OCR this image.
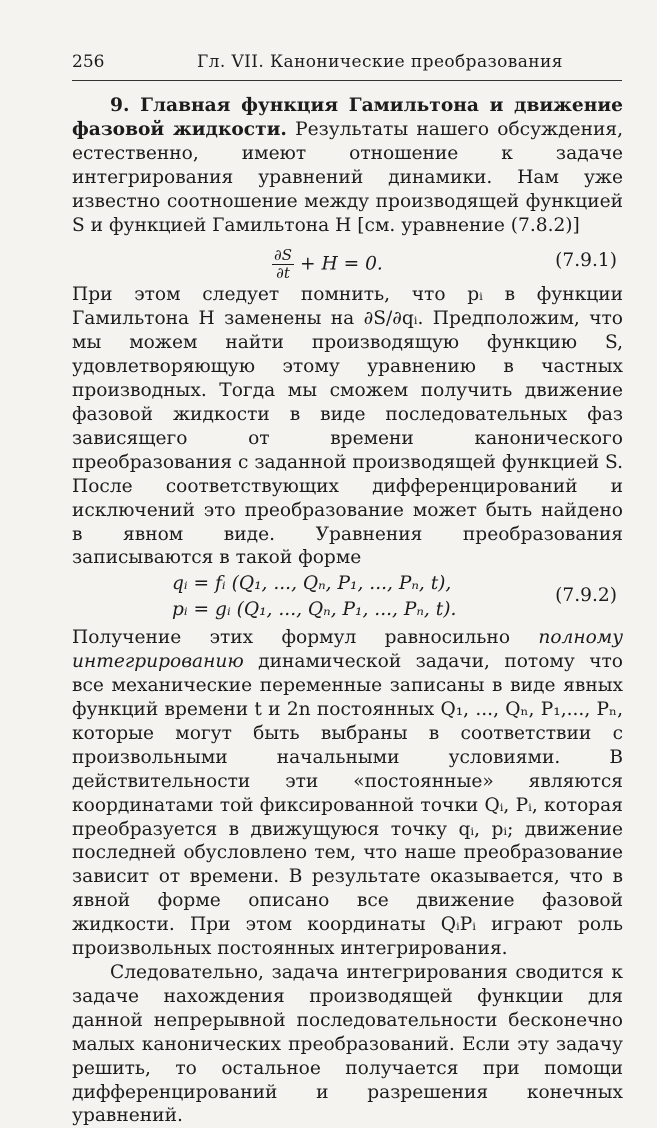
256	Гл. VII. Канонические преобразования

9. Главная функция Гамильтона и движение фазовой жидкости. Результаты нашего обсуждения, естественно, имеют отношение к задаче интегрирования уравнений динамики. Нам уже известно соотношение между производящей функцией S и функцией Гамильтона H [см. уравнение (7.8.2)]

$\frac{\partial S}{\partial t} + H = 0$.	(7.9.1)

При этом следует помнить, что pᵢ в функции Гамильтона H заменены на ∂S/∂qᵢ. Предположим, что мы можем найти производящую функцию S, удовлетворяющую этому уравнению в частных производных. Тогда мы сможем получить движение фазовой жидкости в виде последовательных фаз зависящего от времени канонического преобразования с заданной производящей функцией S. После соответствующих дифференцирований и исключений это преобразование может быть найдено в явном виде. Уравнения преобразования записываются в такой форме

qᵢ = fᵢ (Q₁, ..., Qₙ, P₁, ..., Pₙ, t),
pᵢ = gᵢ (Q₁, ..., Qₙ, P₁, ..., Pₙ, t).
(7.9.2)

Получение этих формул равносильно полному интегрированию динамической задачи, потому что все механические переменные записаны в виде явных функций времени t и 2n постоянных Q₁, ..., Qₙ, P₁,..., Pₙ, которые могут быть выбраны в соответствии с произвольными начальными условиями. В действительности эти «постоянные» являются координатами той фиксированной точки Qᵢ, Pᵢ, которая преобразуется в движущуюся точку qᵢ, pᵢ; движение последней обусловлено тем, что наше преобразование зависит от времени. В результате оказывается, что в явной форме описано все движение фазовой жидкости. При этом координаты QᵢPᵢ играют роль произвольных постоянных интегрирования.

Следовательно, задача интегрирования сводится к задаче нахождения производящей функции для данной непрерывной последовательности бесконечно малых канонических преобразований. Если эту задачу решить, то остальное получается при помощи дифференцирований и разрешения конечных уравнений.
